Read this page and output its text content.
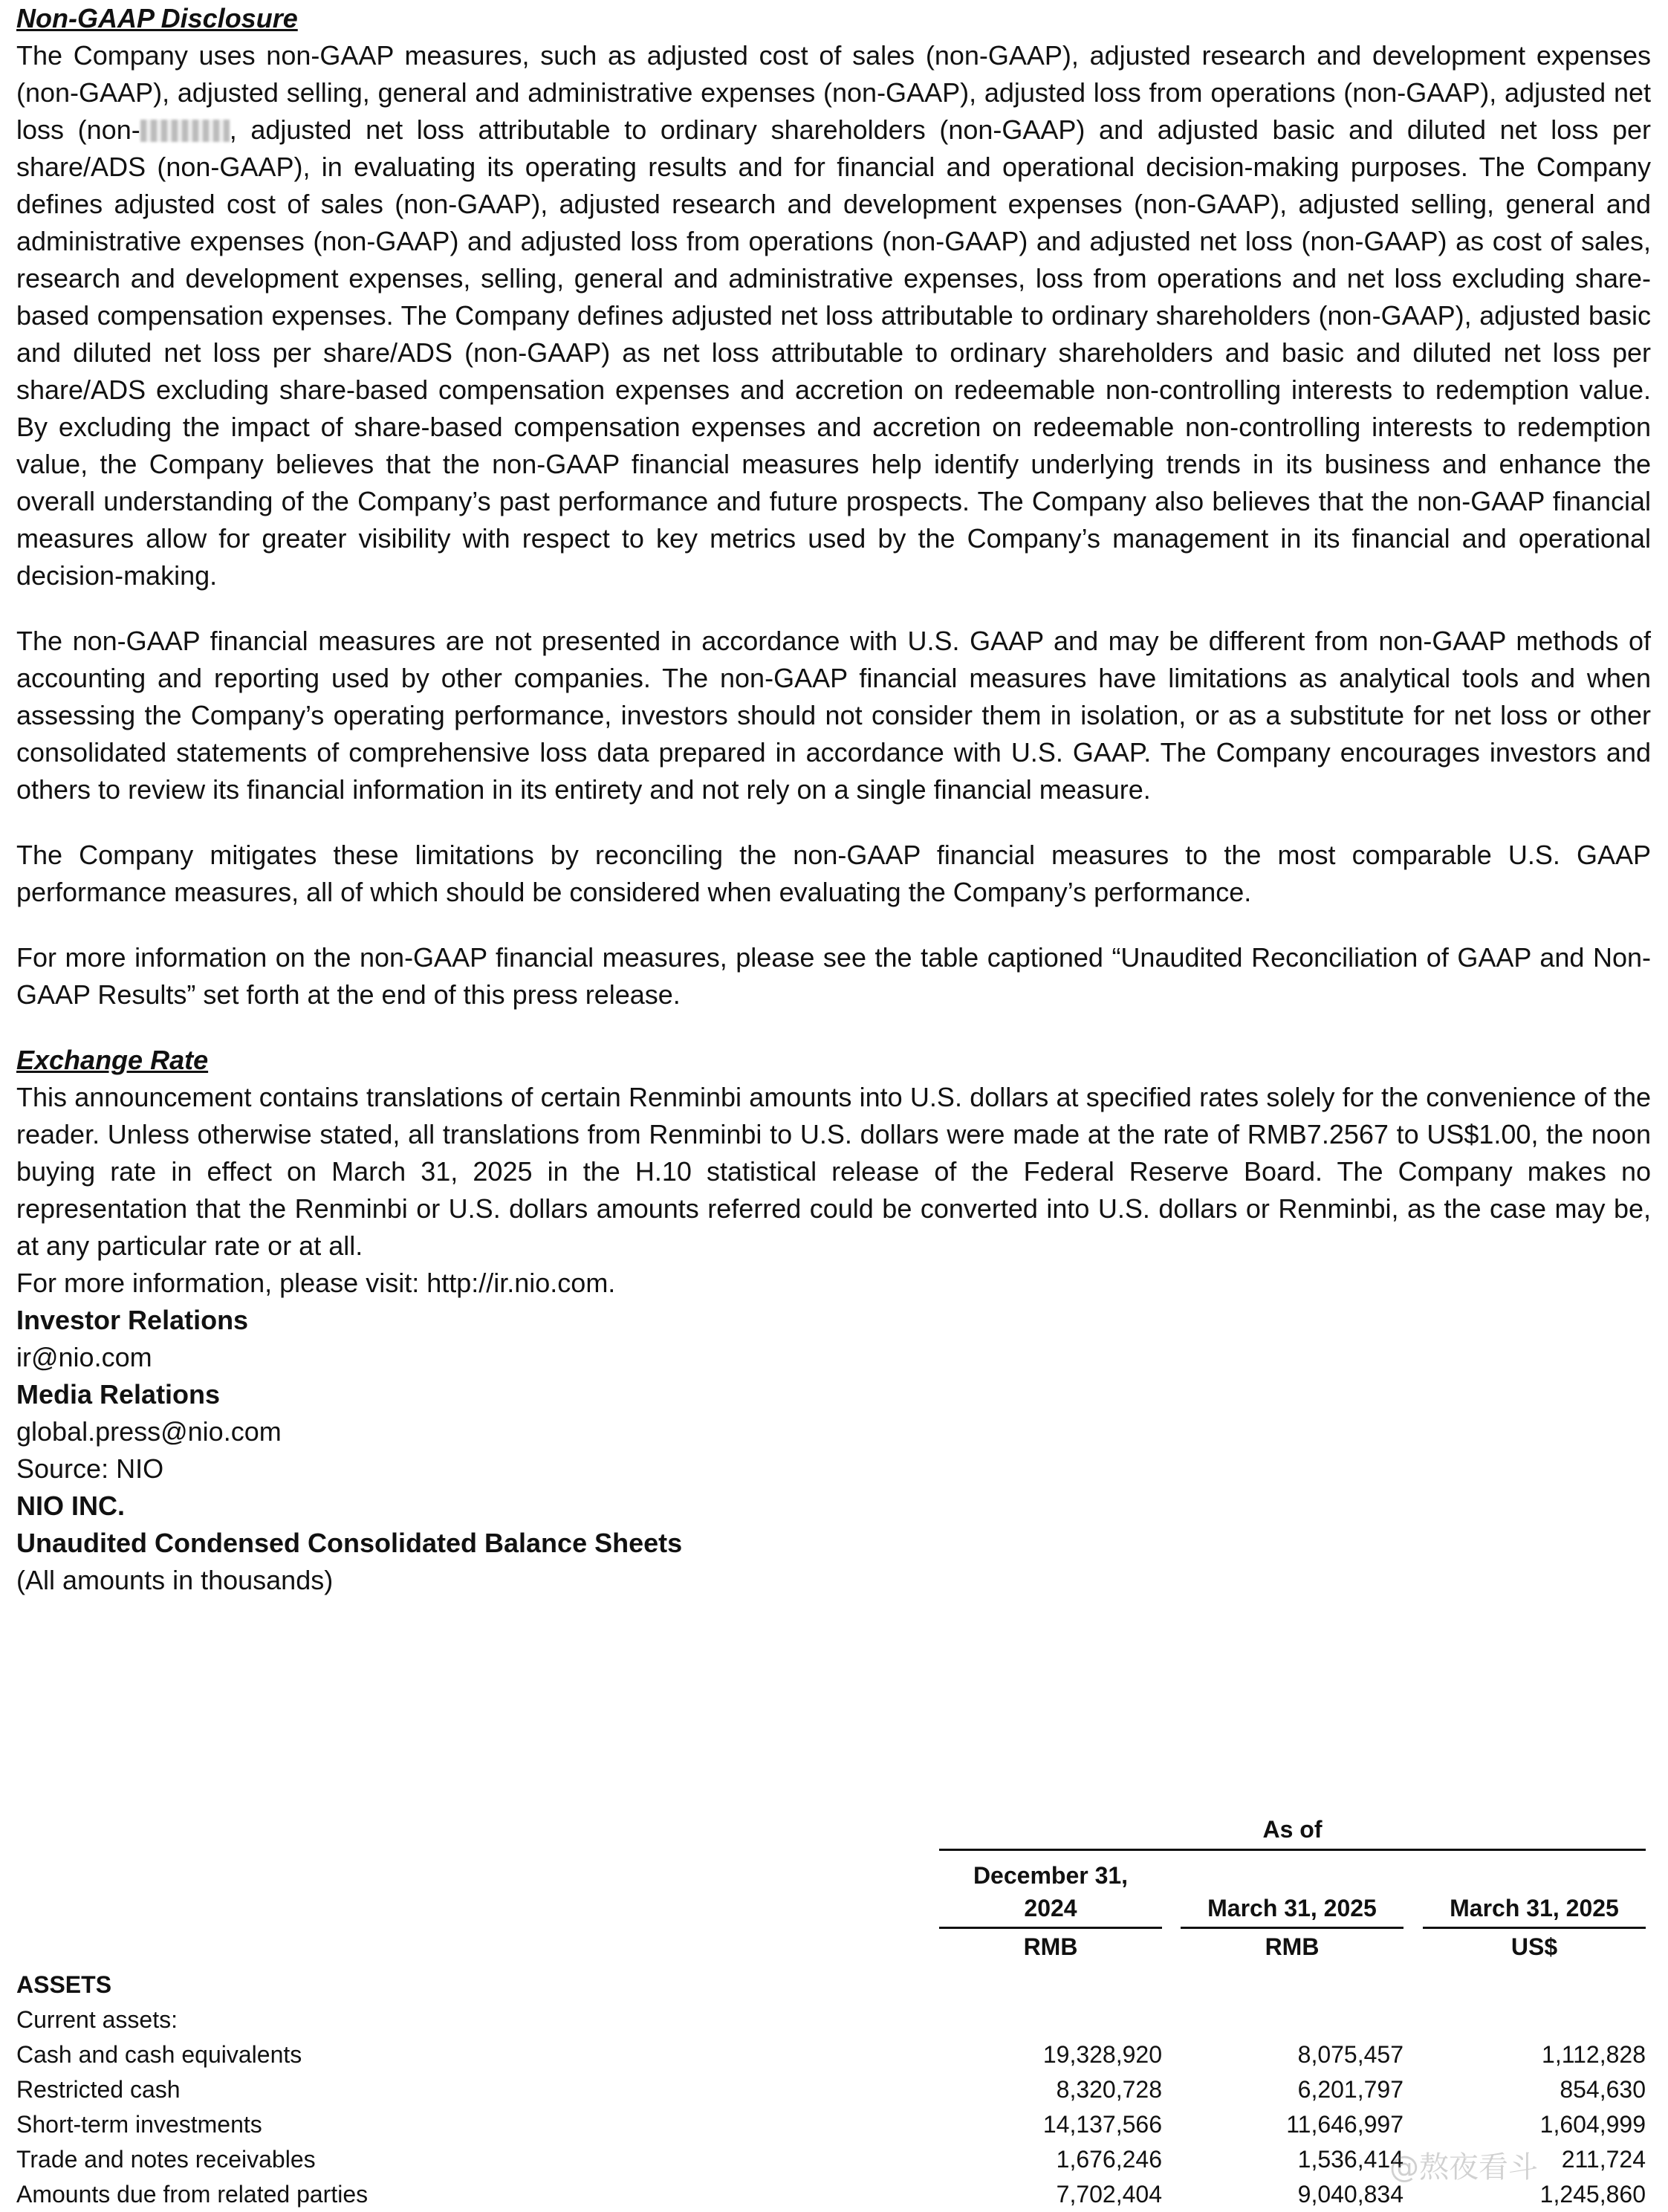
Non-GAAP Disclosure

The Company uses non-GAAP measures, such as adjusted cost of sales (non-GAAP), adjusted research and development expenses (non-GAAP), adjusted selling, general and administrative expenses (non-GAAP), adjusted loss from operations (non-GAAP), adjusted net loss (non-	, adjusted net loss attributable to ordinary shareholders (non-GAAP) and adjusted basic and diluted net loss per share/ADS (non-GAAP), in evaluating its operating results and for financial and operational decision-making purposes. The Company defines adjusted cost of sales (non-GAAP), adjusted research and development expenses (non-GAAP), adjusted selling, general and administrative expenses (non-GAAP) and adjusted loss from operations (non-GAAP) and adjusted net loss (non-GAAP) as cost of sales, research and development expenses, selling, general and administrative expenses, loss from operations and net loss excluding share-based compensation expenses. The Company defines adjusted net loss attributable to ordinary shareholders (non-GAAP), adjusted basic and diluted net loss per share/ADS (non-GAAP) as net loss attributable to ordinary shareholders and basic and diluted net loss per share/ADS excluding share-based compensation expenses and accretion on redeemable non-controlling interests to redemption value. By excluding the impact of share-based compensation expenses and accretion on redeemable non-controlling interests to redemption value, the Company believes that the non-GAAP financial measures help identify underlying trends in its business and enhance the overall understanding of the Company’s past performance and future prospects. The Company also believes that the non-GAAP financial measures allow for greater visibility with respect to key metrics used by the Company’s management in its financial and operational decision-making.

The non-GAAP financial measures are not presented in accordance with U.S. GAAP and may be different from non-GAAP methods of accounting and reporting used by other companies. The non-GAAP financial measures have limitations as analytical tools and when assessing the Company’s operating performance, investors should not consider them in isolation, or as a substitute for net loss or other consolidated statements of comprehensive loss data prepared in accordance with U.S. GAAP. The Company encourages investors and others to review its financial information in its entirety and not rely on a single financial measure.

The Company mitigates these limitations by reconciling the non-GAAP financial measures to the most comparable U.S. GAAP performance measures, all of which should be considered when evaluating the Company’s performance.

For more information on the non-GAAP financial measures, please see the table captioned “Unaudited Reconciliation of GAAP and Non-GAAP Results” set forth at the end of this press release.

Exchange Rate

This announcement contains translations of certain Renminbi amounts into U.S. dollars at specified rates solely for the convenience of the reader. Unless otherwise stated, all translations from Renminbi to U.S. dollars were made at the rate of RMB7.2567 to US$1.00, the noon buying rate in effect on March 31, 2025 in the H.10 statistical release of the Federal Reserve Board. The Company makes no representation that the Renminbi or U.S. dollars amounts referred could be converted into U.S. dollars or Renminbi, as the case may be, at any particular rate or at all.

For more information, please visit: http://ir.nio.com.

Investor Relations

ir@nio.com

Media Relations

global.press@nio.com

Source: NIO

NIO INC.

Unaudited Condensed Consolidated Balance Sheets

(All amounts in thousands)

As of
December 31,
2024	March 31, 2025	March 31, 2025
RMB	RMB	US$
ASSETS
Current assets:
Cash and cash equivalents	19,328,920	8,075,457	1,112,828
Restricted cash	8,320,728	6,201,797	854,630
Short-term investments	14,137,566	11,646,997	1,604,999
Trade and notes receivables	1,676,246	1,536,414	211,724
Amounts due from related parties	7,702,404	9,040,834	1,245,860
@熬夜看斗
